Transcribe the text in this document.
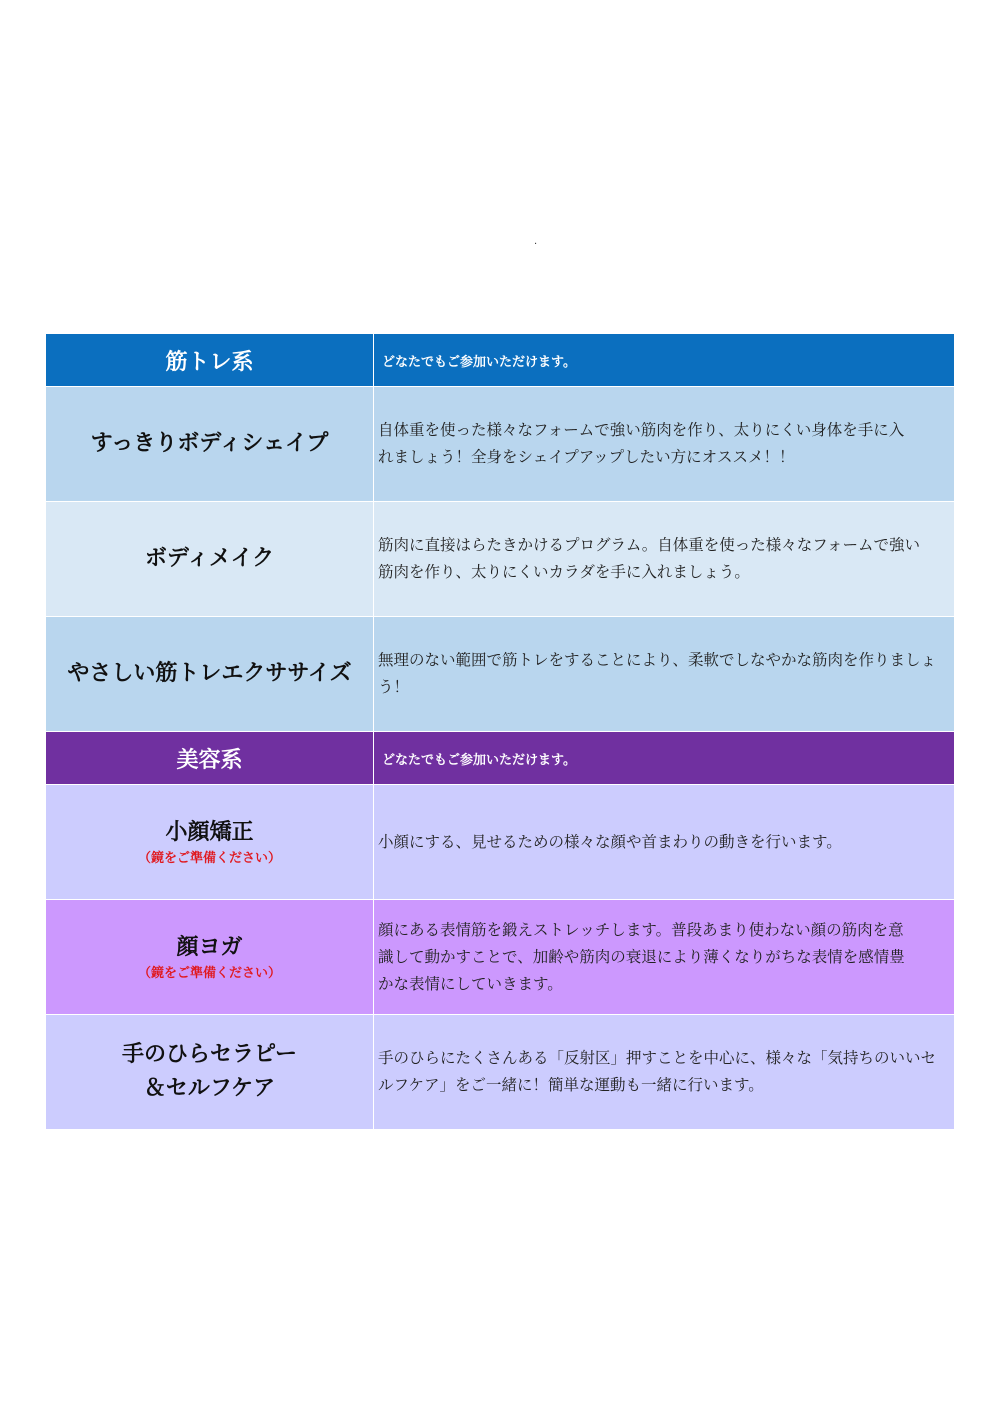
.
筋トレ系	どなたでもご参加いただけます。
すっきりボディシェイプ
自体重を使った様々なフォームで強い筋肉を作り、太りにくい身体を手に入
れましょう！全身をシェイプアップしたい方にオススメ！！
ボディメイク
筋肉に直接はらたきかけるプログラム。自体重を使った様々なフォームで強い
筋肉を作り、太りにくいカラダを手に入れましょう。
やさしい筋トレエクササイズ
無理のない範囲で筋トレをすることにより、柔軟でしなやかな筋肉を作りましょ
う！
美容系	どなたでもご参加いただけます。
小顔矯正
（鏡をご準備ください）
小顔にする、見せるための様々な顔や首まわりの動きを行います。
顔ヨガ
（鏡をご準備ください）
顔にある表情筋を鍛えストレッチします。普段あまり使わない顔の筋肉を意
識して動かすことで、加齢や筋肉の衰退により薄くなりがちな表情を感情豊
かな表情にしていきます。
手のひらセラピー
＆セルフケア
手のひらにたくさんある「反射区」押すことを中心に、様々な「気持ちのいいセ
ルフケア」をご一緒に！簡単な運動も一緒に行います。
